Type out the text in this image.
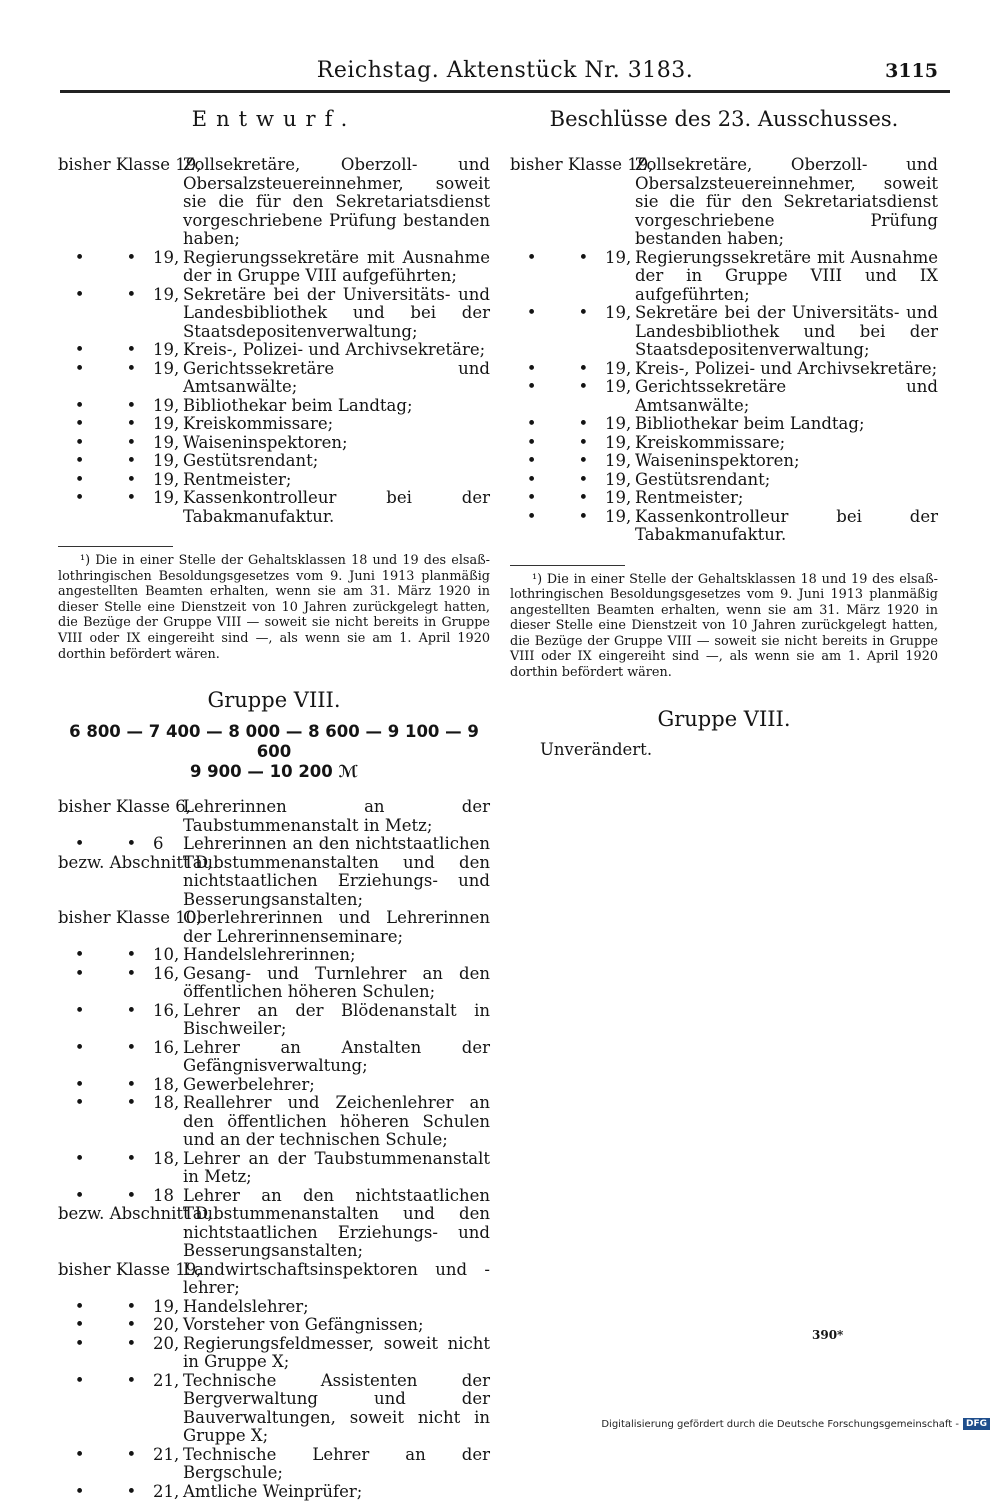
Reichstag. Aktenstück Nr. 3183.	3115
Entwurf.
bisher Klasse 19,
Zollsekretäre, Oberzoll- und Obersalzsteuereinnehmer, soweit sie die für den Sekretariatsdienst vorgeschriebene Prüfung bestanden haben;
•        • 19, Regierungssekretäre mit Ausnahme der in Gruppe VIII aufgeführten;
•        • 19, Sekretäre bei der Universitäts- und Landesbibliothek und bei der Staatsdepositenverwaltung;
•        • 19, Kreis-, Polizei- und Archivsekretäre;
•        • 19, Gerichtssekretäre und Amtsanwälte;
•        • 19, Bibliothekar beim Landtag;
•        • 19, Kreiskommissare;
•        • 19, Waiseninspektoren;
•        • 19, Gestütsrendant;
•        • 19, Rentmeister;
•        • 19, Kassenkontrolleur bei der Tabakmanufaktur.
¹) Die in einer Stelle der Gehaltsklassen 18 und 19 des elsaß-lothringischen Besoldungsgesetzes vom 9. Juni 1913 planmäßig angestellten Beamten erhalten, wenn sie am 31. März 1920 in dieser Stelle eine Dienstzeit von 10 Jahren zurückgelegt hatten, die Bezüge der Gruppe VIII — soweit sie nicht bereits in Gruppe VIII oder IX eingereiht sind —, als wenn sie am 1. April 1920 dorthin befördert wären.
Gruppe VIII.
6 800 — 7 400 — 8 000 — 8 600 — 9 100 — 9 600
9 900 — 10 200 ℳ
bisher Klasse 6,
Lehrerinnen an der Taubstummenanstalt in Metz;
•        • 6
bezw. Abschnitt D,
Lehrerinnen an den nichtstaatlichen Taubstummenanstalten und den nichtstaatlichen Erziehungs- und Besserungsanstalten;
bisher Klasse 10,
Oberlehrerinnen und Lehrerinnen der Lehrerinnenseminare;
•        • 10, Handelslehrerinnen;
•        • 16, Gesang- und Turnlehrer an den öffentlichen höheren Schulen;
•        • 16, Lehrer an der Blödenanstalt in Bischweiler;
•        • 16, Lehrer an Anstalten der Gefängnisverwaltung;
•        • 18, Gewerbelehrer;
•        • 18, Reallehrer und Zeichenlehrer an den öffentlichen höheren Schulen und an der technischen Schule;
•        • 18, Lehrer an der Taubstummenanstalt in Metz;
•        • 18
bezw. Abschnitt D,
Lehrer an den nichtstaatlichen Taubstummenanstalten und den nichtstaatlichen Erziehungs- und Besserungsanstalten;
bisher Klasse 19,
Landwirtschaftsinspektoren und -lehrer;
•        • 19, Handelslehrer;
•        • 20, Vorsteher von Gefängnissen;
•        • 20, Regierungsfeldmesser, soweit nicht in Gruppe X;
•        • 21, Technische Assistenten der Bergverwaltung und der Bauverwaltungen, soweit nicht in Gruppe X;
•        • 21, Technische Lehrer an der Bergschule;
•        • 21, Amtliche Weinprüfer;
Beschlüsse des 23. Ausschusses.
bisher Klasse 19,
Zollsekretäre, Oberzoll- und Obersalzsteuereinnehmer, soweit sie die für den Sekretariatsdienst vorgeschriebene Prüfung bestanden haben;
•        • 19, Regierungssekretäre mit Ausnahme der in Gruppe VIII und IX aufgeführten;
•        • 19, Sekretäre bei der Universitäts- und Landesbibliothek und bei der Staatsdepositenverwaltung;
•        • 19, Kreis-, Polizei- und Archivsekretäre;
•        • 19, Gerichtssekretäre und Amtsanwälte;
•        • 19, Bibliothekar beim Landtag;
•        • 19, Kreiskommissare;
•        • 19, Waiseninspektoren;
•        • 19, Gestütsrendant;
•        • 19, Rentmeister;
•        • 19, Kassenkontrolleur bei der Tabakmanufaktur.
¹) Die in einer Stelle der Gehaltsklassen 18 und 19 des elsaß-lothringischen Besoldungsgesetzes vom 9. Juni 1913 planmäßig angestellten Beamten erhalten, wenn sie am 31. März 1920 in dieser Stelle eine Dienstzeit von 10 Jahren zurückgelegt hatten, die Bezüge der Gruppe VIII — soweit sie nicht bereits in Gruppe VIII oder IX eingereiht sind —, als wenn sie am 1. April 1920 dorthin befördert wären.
Gruppe VIII.
Unverändert.
390*
Digitalisierung gefördert durch die Deutsche Forschungsgemeinschaft - DFG
